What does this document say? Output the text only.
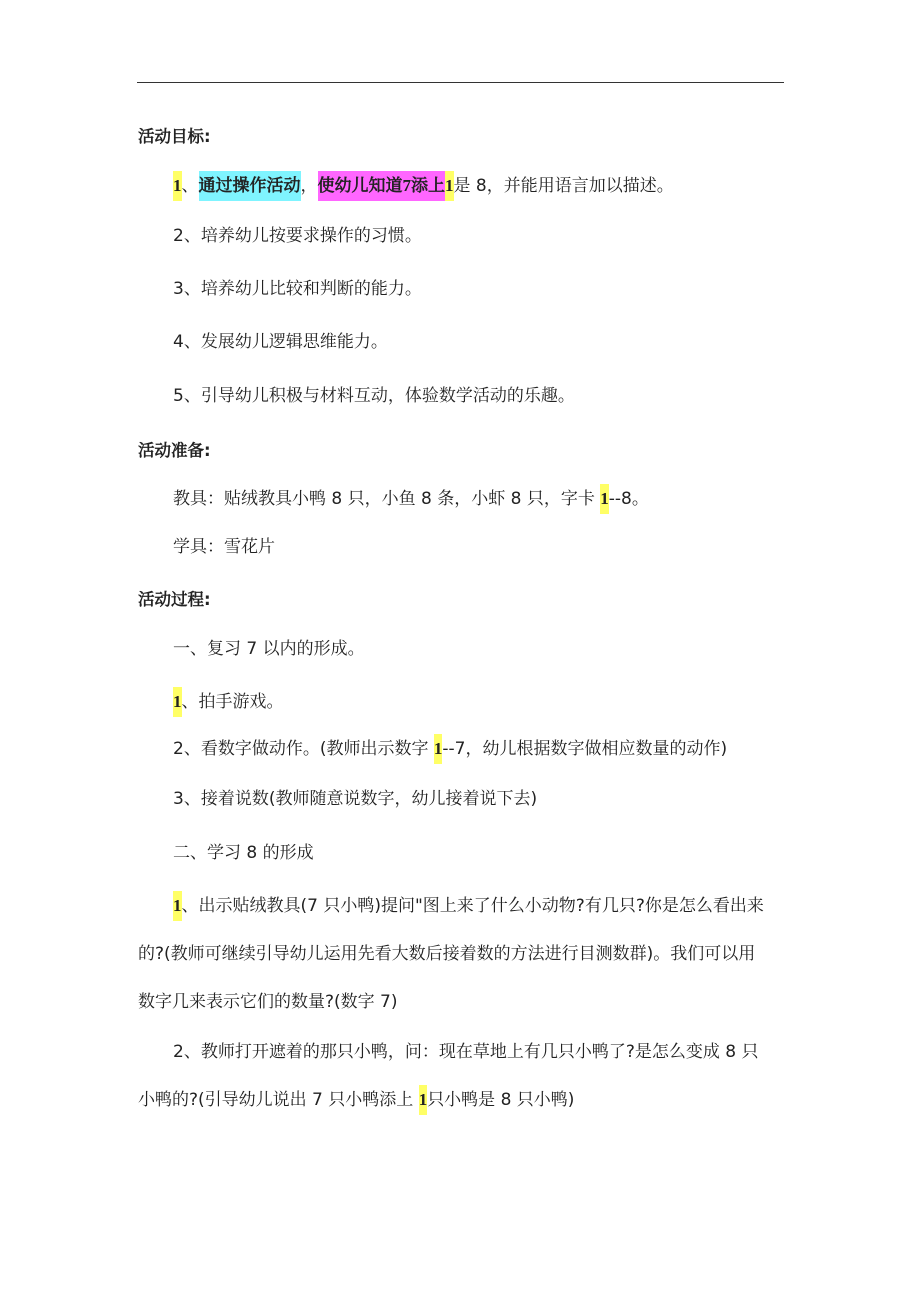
活动目标:
1、通过操作活动，使幼儿知道7添上1是 8，并能用语言加以描述。
2、培养幼儿按要求操作的习惯。
3、培养幼儿比较和判断的能力。
4、发展幼儿逻辑思维能力。
5、引导幼儿积极与材料互动，体验数学活动的乐趣。
活动准备:
教具：贴绒教具小鸭 8 只，小鱼 8 条，小虾 8 只，字卡 1--8。
学具：雪花片
活动过程:
一、复习 7 以内的形成。
1、拍手游戏。
2、看数字做动作。(教师出示数字 1--7，幼儿根据数字做相应数量的动作)
3、接着说数(教师随意说数字，幼儿接着说下去)
二、学习 8 的形成
1、出示贴绒教具(7 只小鸭)提问"图上来了什么小动物?有几只?你是怎么看出来
的?(教师可继续引导幼儿运用先看大数后接着数的方法进行目测数群)。我们可以用
数字几来表示它们的数量?(数字 7)
2、教师打开遮着的那只小鸭，问：现在草地上有几只小鸭了?是怎么变成 8 只
小鸭的?(引导幼儿说出 7 只小鸭添上 1只小鸭是 8 只小鸭)
